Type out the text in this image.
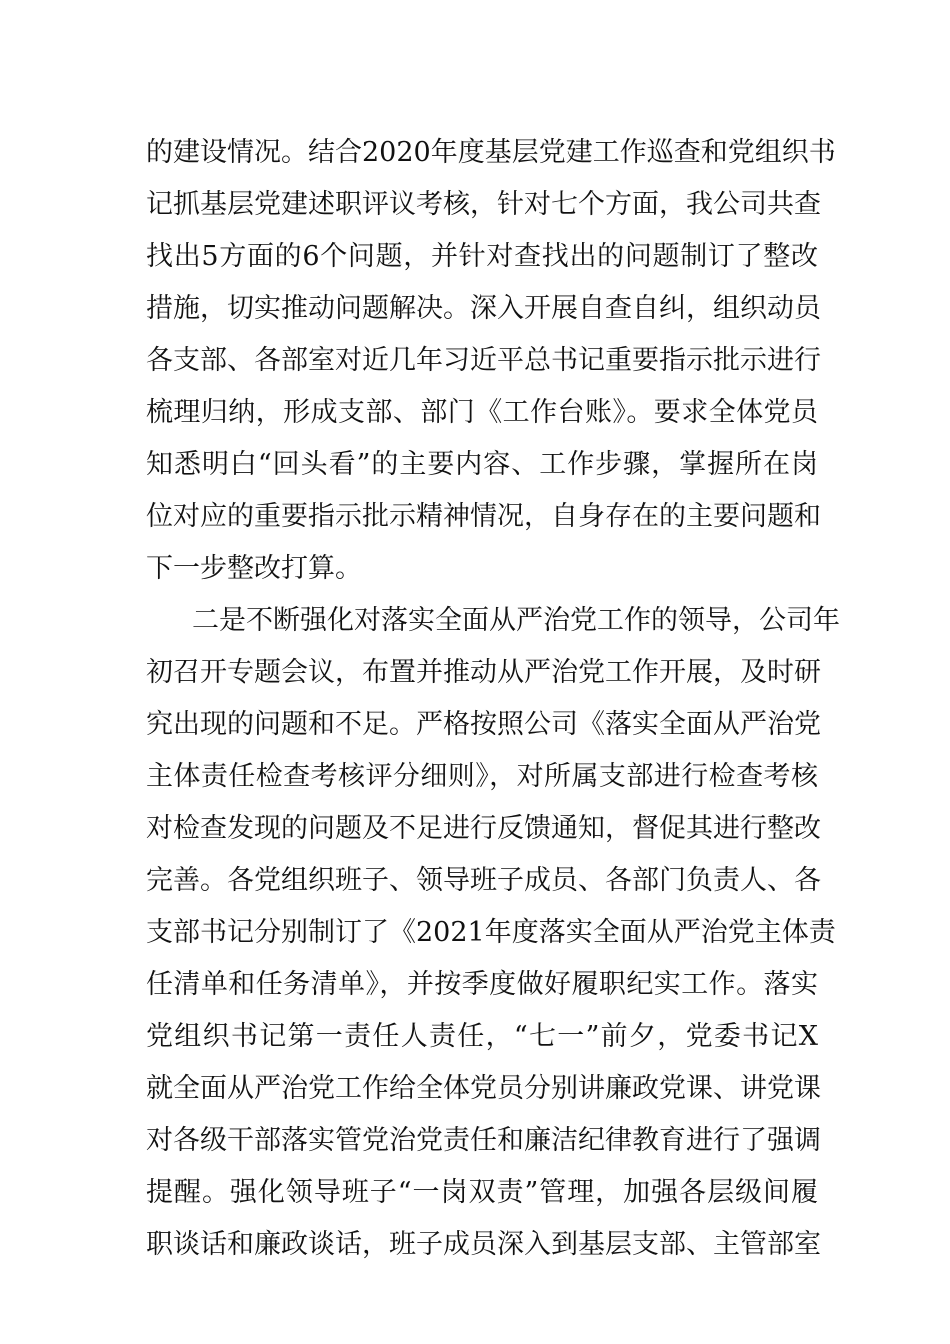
的建设情况。结合2020年度基层党建工作巡查和党组织书
记抓基层党建述职评议考核，针对七个方面，我公司共查
找出5方面的6个问题，并针对查找出的问题制订了整改
措施，切实推动问题解决。深入开展自查自纠，组织动员
各支部、各部室对近几年习近平总书记重要指示批示进行
梳理归纳，形成支部、部门《工作台账》。要求全体党员
知悉明白“回头看”的主要内容、工作步骤，掌握所在岗
位对应的重要指示批示精神情况，自身存在的主要问题和
下一步整改打算。
二是不断强化对落实全面从严治党工作的领导，公司年
初召开专题会议，布置并推动从严治党工作开展，及时研
究出现的问题和不足。严格按照公司《落实全面从严治党
主体责任检查考核评分细则》，对所属支部进行检查考核
对检查发现的问题及不足进行反馈通知，督促其进行整改
完善。各党组织班子、领导班子成员、各部门负责人、各
支部书记分别制订了《2021年度落实全面从严治党主体责
任清单和任务清单》，并按季度做好履职纪实工作。落实
党组织书记第一责任人责任，“七一”前夕，党委书记X
就全面从严治党工作给全体党员分别讲廉政党课、讲党课
对各级干部落实管党治党责任和廉洁纪律教育进行了强调
提醒。强化领导班子“一岗双责”管理，加强各层级间履
职谈话和廉政谈话，班子成员深入到基层支部、主管部室
